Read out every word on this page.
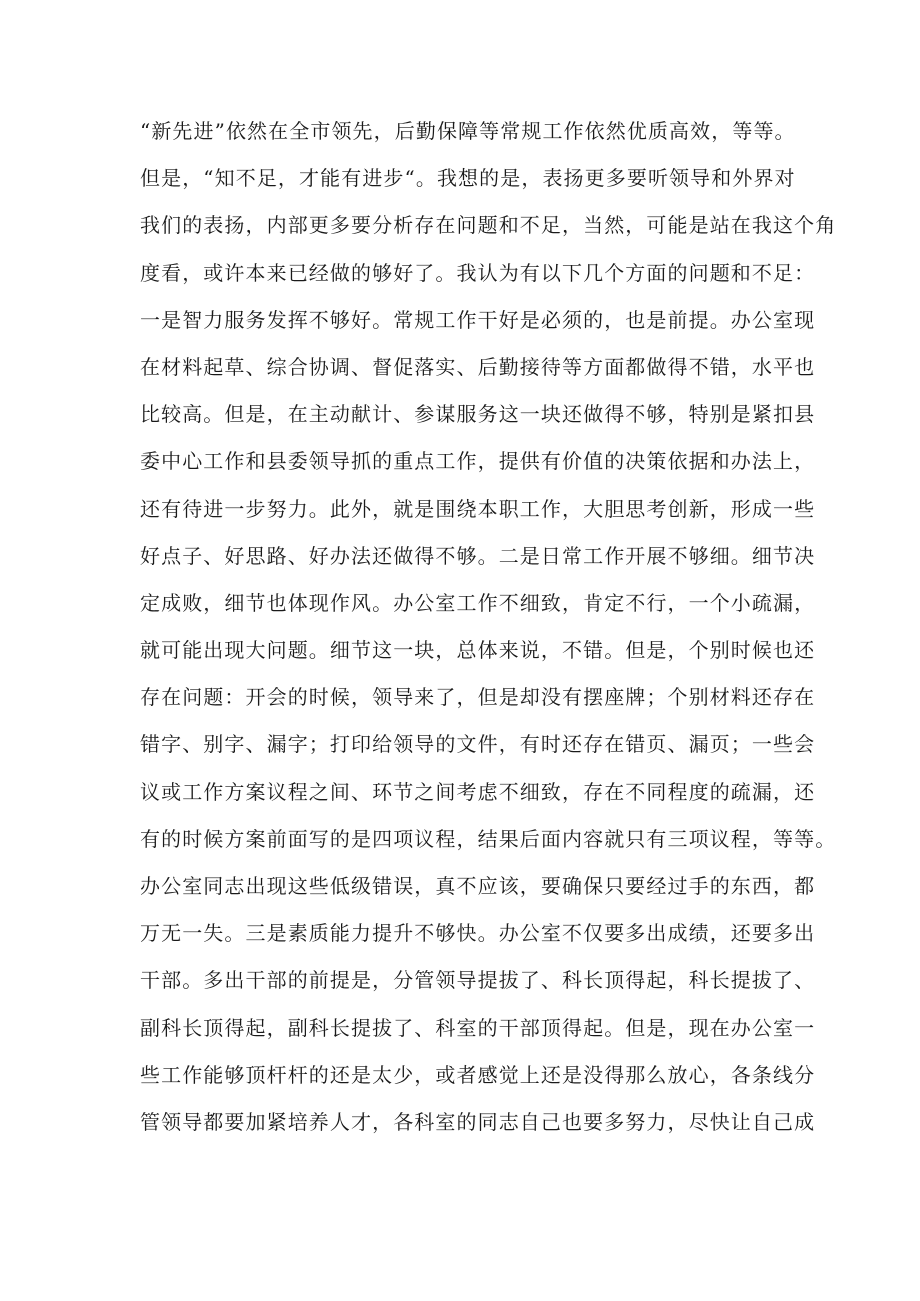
“新先进”依然在全市领先，后勤保障等常规工作依然优质高效，等等。
但是，“知不足，才能有进步“。我想的是，表扬更多要听领导和外界对
我们的表扬，内部更多要分析存在问题和不足，当然，可能是站在我这个角
度看，或许本来已经做的够好了。我认为有以下几个方面的问题和不足：
一是智力服务发挥不够好。常规工作干好是必须的，也是前提。办公室现
在材料起草、综合协调、督促落实、后勤接待等方面都做得不错，水平也
比较高。但是，在主动献计、参谋服务这一块还做得不够，特别是紧扣县
委中心工作和县委领导抓的重点工作，提供有价值的决策依据和办法上，
还有待进一步努力。此外，就是围绕本职工作，大胆思考创新，形成一些
好点子、好思路、好办法还做得不够。二是日常工作开展不够细。细节决
定成败，细节也体现作风。办公室工作不细致，肯定不行，一个小疏漏，
就可能出现大问题。细节这一块，总体来说，不错。但是，个别时候也还
存在问题：开会的时候，领导来了，但是却没有摆座牌；个别材料还存在
错字、别字、漏字；打印给领导的文件，有时还存在错页、漏页；一些会
议或工作方案议程之间、环节之间考虑不细致，存在不同程度的疏漏，还
有的时候方案前面写的是四项议程，结果后面内容就只有三项议程，等等。
办公室同志出现这些低级错误，真不应该，要确保只要经过手的东西，都
万无一失。三是素质能力提升不够快。办公室不仅要多出成绩，还要多出
干部。多出干部的前提是，分管领导提拔了、科长顶得起，科长提拔了、
副科长顶得起，副科长提拔了、科室的干部顶得起。但是，现在办公室一
些工作能够顶杆杆的还是太少，或者感觉上还是没得那么放心，各条线分
管领导都要加紧培养人才，各科室的同志自己也要多努力，尽快让自己成
